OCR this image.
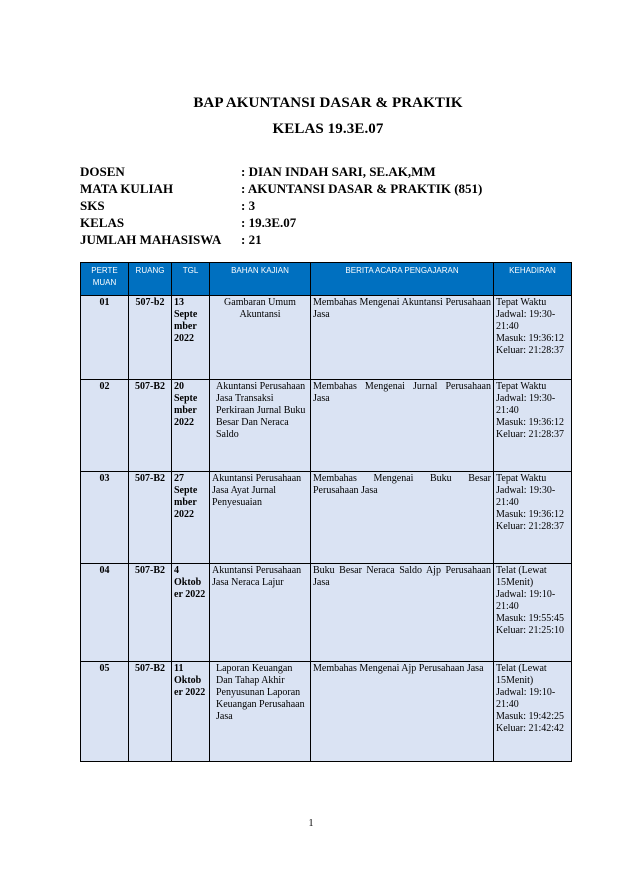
BAP AKUNTANSI DASAR & PRAKTIK
KELAS 19.3E.07
DOSEN	: DIAN INDAH SARI, SE.AK,MM
MATA KULIAH	: AKUNTANSI DASAR & PRAKTIK (851)
SKS	: 3
KELAS	: 19.3E.07
JUMLAH MAHASISWA	: 21
PERTE MUAN	RUANG	TGL	BAHAN KAJIAN	BERITA ACARA PENGAJARAN	KEHADIRAN
01	507-b2	13 Septe mber 2022	Gambaran Umum Akuntansi	Membahas Mengenai Akuntansi Perusahaan Jasa	Tepat Waktu
Jadwal: 19:30-21:40
Masuk: 19:36:12
Keluar: 21:28:37

02	507-B2	20 Septe mber 2022	Akuntansi Perusahaan Jasa Transaksi Perkiraan Jurnal Buku Besar Dan Neraca Saldo	Membahas Mengenai Jurnal Perusahaan Jasa	Tepat Waktu
Jadwal: 19:30-21:40
Masuk: 19:36:12
Keluar: 21:28:37

03	507-B2	27 Septe mber 2022	Akuntansi Perusahaan Jasa Ayat Jurnal Penyesuaian	Membahas Mengenai Buku Besar Perusahaan Jasa	Tepat Waktu
Jadwal: 19:30-21:40
Masuk: 19:36:12
Keluar: 21:28:37

04	507-B2	4 Oktob er 2022	Akuntansi Perusahaan Jasa Neraca Lajur	Buku Besar Neraca Saldo Ajp Perusahaan Jasa	Telat (Lewat 15Menit)
Jadwal: 19:10-21:40
Masuk: 19:55:45
Keluar: 21:25:10

05	507-B2	11 Oktob er 2022	Laporan Keuangan Dan Tahap Akhir Penyusunan Laporan Keuangan Perusahaan Jasa	Membahas Mengenai Ajp Perusahaan Jasa	Telat (Lewat 15Menit)
Jadwal: 19:10-21:40
Masuk: 19:42:25
Keluar: 21:42:42
1
